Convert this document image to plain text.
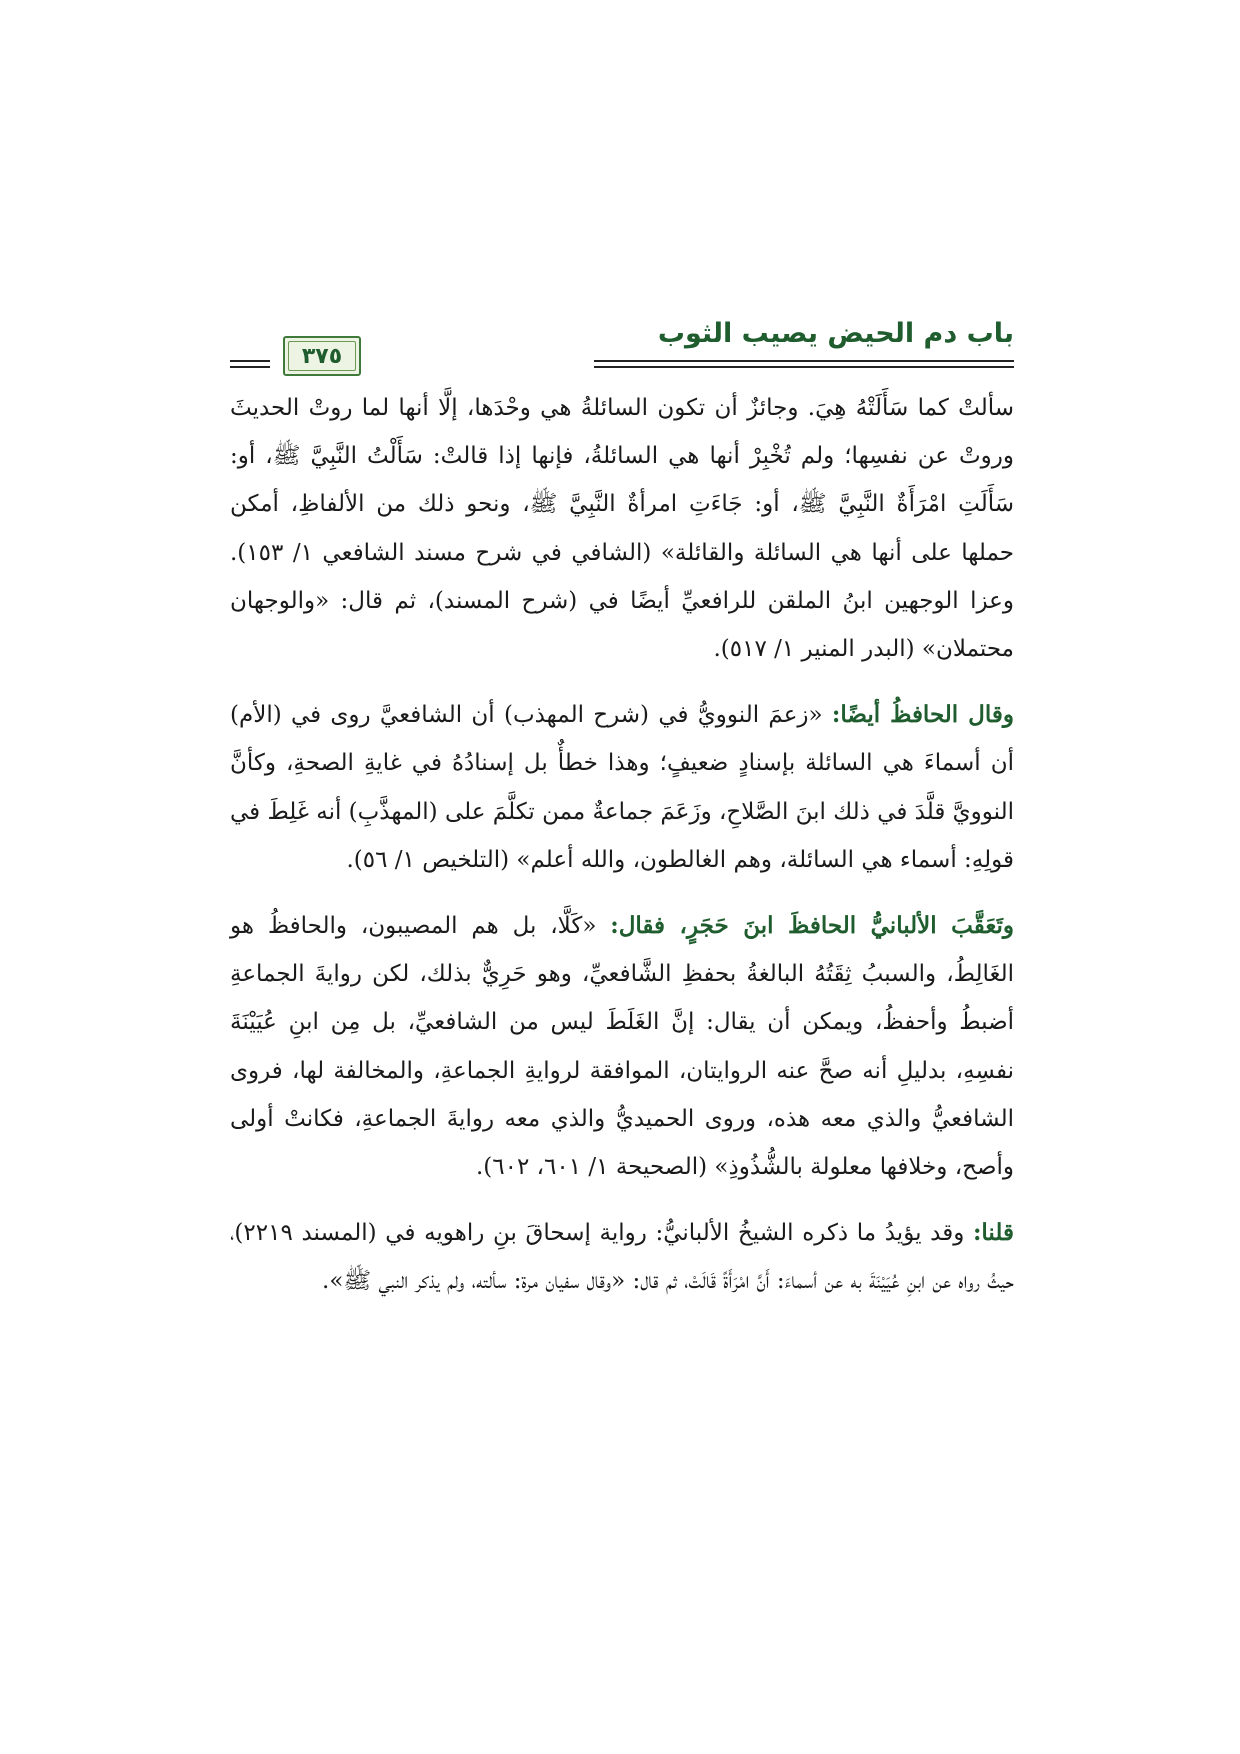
باب دم الحيض يصيب الثوب
٣٧٥

سألتْ كما سَأَلَتْهُ هِيَ. وجائزٌ أن تكون السائلةُ هي وحْدَها، إلَّا أنها لما روتْ الحديثَ وروتْ عن نفسِها؛ ولم تُخْبِرْ أنها هي السائلةُ، فإنها إذا قالتْ: سَأَلْتُ النَّبِيَّ ﷺ، أو: سَأَلَتِ امْرَأَةٌ النَّبِيَّ ﷺ، أو: جَاءَتِ امرأةٌ النَّبِيَّ ﷺ، ونحو ذلك من الألفاظِ، أمكن حملها على أنها هي السائلة والقائلة» (الشافي في شرح مسند الشافعي ١/ ١٥٣). وعزا الوجهين ابنُ الملقن للرافعيِّ أيضًا في (شرح المسند)، ثم قال: «والوجهان محتملان» (البدر المنير ١/ ٥١٧).

وقال الحافظُ أيضًا: «زعمَ النوويُّ في (شرح المهذب) أن الشافعيَّ روى في (الأم) أن أسماءَ هي السائلة بإسنادٍ ضعيفٍ؛ وهذا خطأٌ بل إسنادُهُ في غايةِ الصحةِ، وكأنَّ النوويَّ قلَّدَ في ذلك ابنَ الصَّلاحِ، وزَعَمَ جماعةٌ ممن تكلَّمَ على (المهذَّبِ) أنه غَلِطَ في قولِهِ: أسماء هي السائلة، وهم الغالطون، والله أعلم» (التلخيص ١/ ٥٦).

وتَعَقَّبَ الألبانيُّ الحافظَ ابنَ حَجَرٍ، فقال: «كَلَّا، بل هم المصيبون، والحافظُ هو الغَالِطُ، والسببُ ثِقَتُهُ البالغةُ بحفظِ الشَّافعيِّ، وهو حَرِيٌّ بذلك، لكن روايةَ الجماعةِ أضبطُ وأحفظُ، ويمكن أن يقال: إنَّ الغَلَطَ ليس من الشافعيِّ، بل مِن ابنِ عُيَيْنَةَ نفسِهِ، بدليلِ أنه صحَّ عنه الروايتان، الموافقة لروايةِ الجماعةِ، والمخالفة لها، فروى الشافعيُّ والذي معه هذه، وروى الحميديُّ والذي معه روايةَ الجماعةِ، فكانتْ أولى وأصح، وخلافها معلولة بالشُّذُوذِ» (الصحيحة ١/ ٦٠١، ٦٠٢).

قلنا: وقد يؤيدُ ما ذكره الشيخُ الألبانيُّ: رواية إسحاقَ بنِ راهويه في (المسند ٢٢١٩)، حيثُ رواه عن ابنِ عُيَيْنَةَ به عن أسماءَ: أَنَّ امْرَأَةً قَالَتْ، ثم قال: «وقال سفيان مرة: سألته، ولم يذكر النبي ﷺ».
